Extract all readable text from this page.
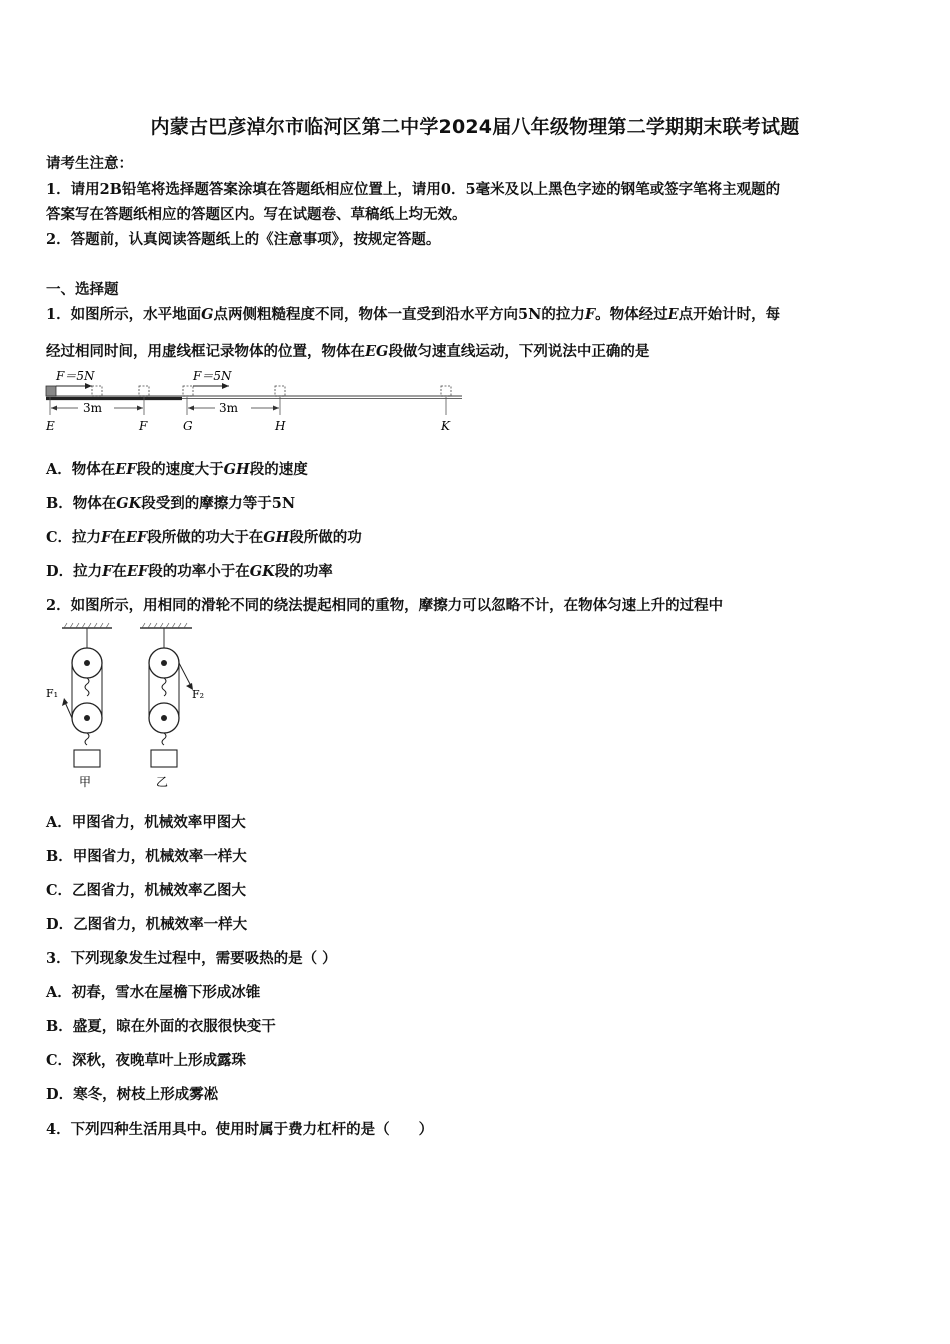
内蒙古巴彦淖尔市临河区第二中学2024届八年级物理第二学期期末联考试题
请考生注意：
1．请用2B铅笔将选择题答案涂填在答题纸相应位置上，请用0．5毫米及以上黑色字迹的钢笔或签字笔将主观题的
答案写在答题纸相应的答题区内。写在试题卷、草稿纸上均无效。
2．答题前，认真阅读答题纸上的《注意事项》，按规定答题。
一、选择题
1．如图所示，水平地面G点两侧粗糙程度不同，物体一直受到沿水平方向5N的拉力F。物体经过E点开始计时，每
经过相同时间，用虚线框记录物体的位置，物体在EG段做匀速直线运动，下列说法中正确的是
F＝5N	F＝5N
3m	3m
E	F	G	H	K
A．物体在EF段的速度大于GH段的速度
B．物体在GK段受到的摩擦力等于5N
C．拉力F在EF段所做的功大于在GH段所做的功
D．拉力F在EF段的功率小于在GK段的功率
2．如图所示，用相同的滑轮不同的绕法提起相同的重物，摩擦力可以忽略不计，在物体匀速上升的过程中
F₁
甲
F₂
乙
A．甲图省力，机械效率甲图大
B．甲图省力，机械效率一样大
C．乙图省力，机械效率乙图大
D．乙图省力，机械效率一样大
3．下列现象发生过程中，需要吸热的是（ ）
A．初春，雪水在屋檐下形成冰锥
B．盛夏，晾在外面的衣服很快变干
C．深秋，夜晚草叶上形成露珠
D．寒冬，树枝上形成雾凇
4．下列四种生活用具中。使用时属于费力杠杆的是（　　）
